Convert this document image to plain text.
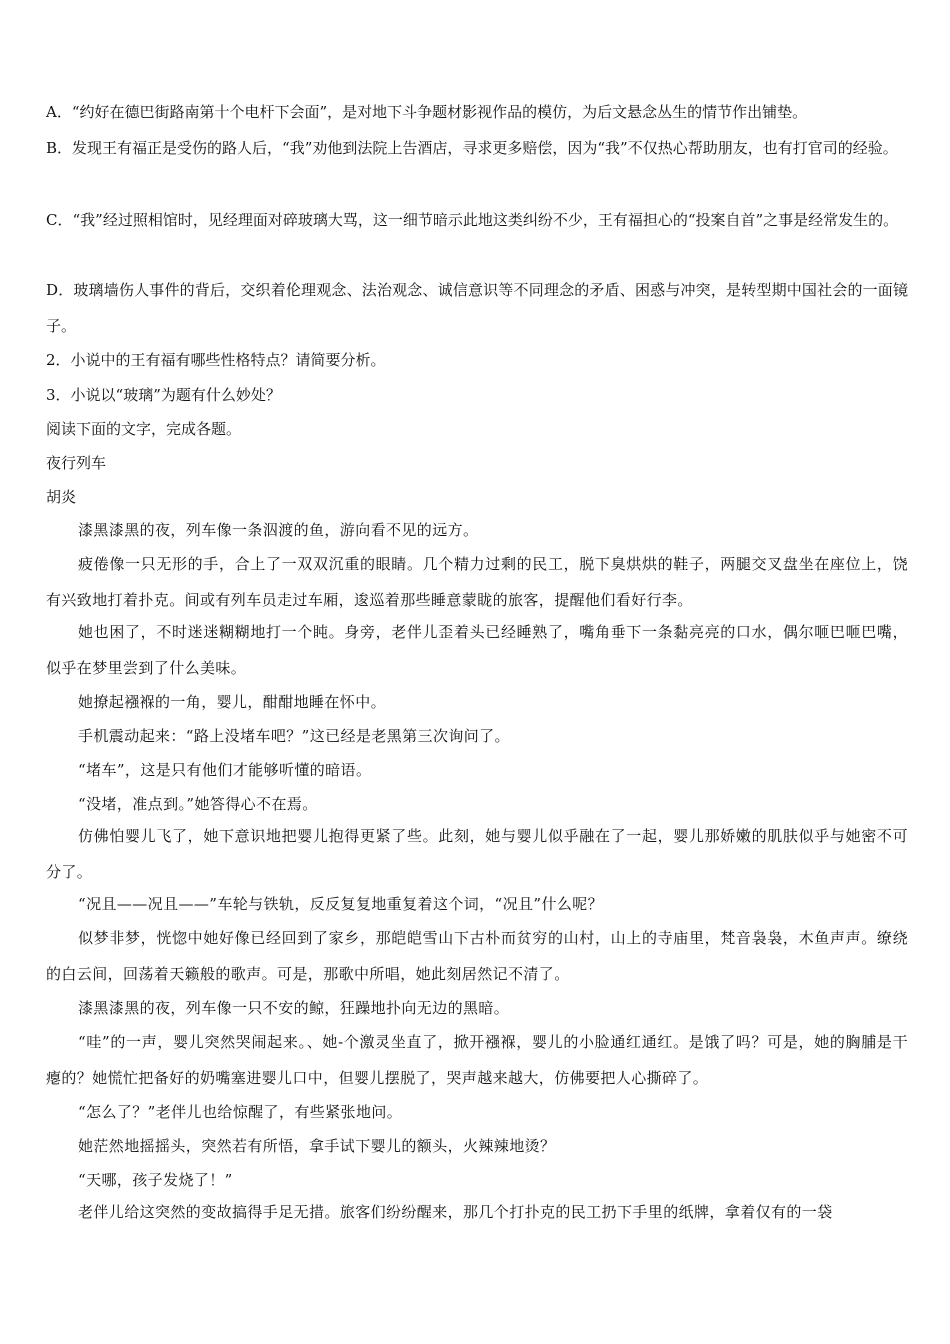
A．“约好在德巴街路南第十个电杆下会面”，是对地下斗争题材影视作品的模仿，为后文悬念丛生的情节作出铺垫。

B．发现王有福正是受伤的路人后，“我”劝他到法院上告酒店，寻求更多赔偿，因为“我”不仅热心帮助朋友，也有打官司的经验。

C．“我”经过照相馆时，见经理面对碎玻璃大骂，这一细节暗示此地这类纠纷不少，王有福担心的“投案自首”之事是经常发生的。

D．玻璃墙伤人事件的背后，交织着伦理观念、法治观念、诚信意识等不同理念的矛盾、困惑与冲突，是转型期中国社会的一面镜子。

2．小说中的王有福有哪些性格特点？请简要分析。

3．小说以“玻璃”为题有什么妙处？

阅读下面的文字，完成各题。

夜行列车

胡炎

漆黑漆黑的夜，列车像一条泅渡的鱼，游向看不见的远方。

疲倦像一只无形的手，合上了一双双沉重的眼睛。几个精力过剩的民工，脱下臭烘烘的鞋子，两腿交叉盘坐在座位上，饶有兴致地打着扑克。间或有列车员走过车厢，逡巡着那些睡意蒙眬的旅客，提醒他们看好行李。

她也困了，不时迷迷糊糊地打一个盹。身旁，老伴儿歪着头已经睡熟了，嘴角垂下一条黏亮亮的口水，偶尔咂巴咂巴嘴，似乎在梦里尝到了什么美味。

她撩起襁褓的一角，婴儿，酣酣地睡在怀中。

手机震动起来：“路上没堵车吧？”这已经是老黑第三次询问了。

“堵车”，这是只有他们才能够听懂的暗语。

“没堵，准点到。”她答得心不在焉。

仿佛怕婴儿飞了，她下意识地把婴儿抱得更紧了些。此刻，她与婴儿似乎融在了一起，婴儿那娇嫩的肌肤似乎与她密不可分了。

“况且——况且——”车轮与铁轨，反反复复地重复着这个词，“况且”什么呢？

似梦非梦，恍惚中她好像已经回到了家乡，那皑皑雪山下古朴而贫穷的山村，山上的寺庙里，梵音袅袅，木鱼声声。缭绕的白云间，回荡着天籁般的歌声。可是，那歌中所唱，她此刻居然记不清了。

漆黑漆黑的夜，列车像一只不安的鲸，狂躁地扑向无边的黑暗。

“哇”的一声，婴儿突然哭闹起来。、她-个激灵坐直了，掀开襁褓，婴儿的小脸通红通红。是饿了吗？可是，她的胸脯是干瘪的？她慌忙把备好的奶嘴塞进婴儿口中，但婴儿摆脱了，哭声越来越大，仿佛要把人心撕碎了。

“怎么了？”老伴儿也给惊醒了，有些紧张地问。

她茫然地摇摇头，突然若有所悟，拿手试下婴儿的额头，火辣辣地烫？

“天哪，孩子发烧了！”

老伴儿给这突然的变故搞得手足无措。旅客们纷纷醒来，那几个打扑克的民工扔下手里的纸牌，拿着仅有的一袋
